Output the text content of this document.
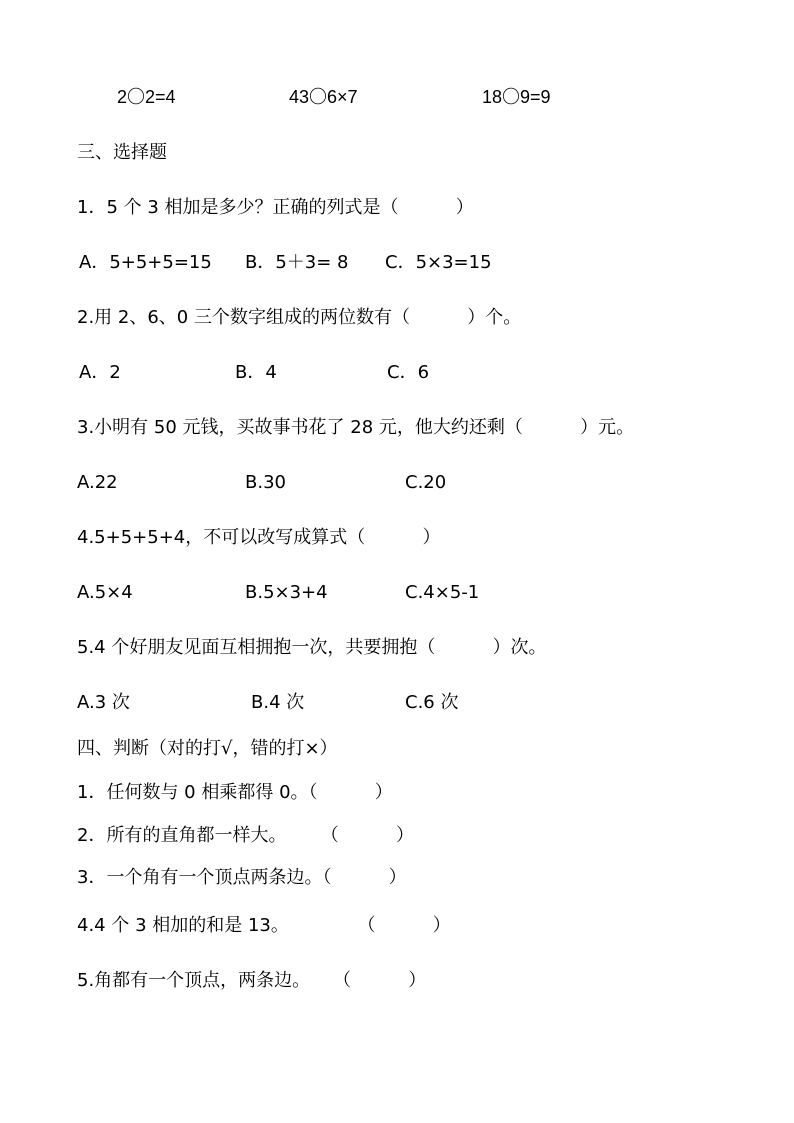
2〇2=4	43〇6×7	18〇9=9
三、选择题
1．5 个 3 相加是多少？正确的列式是（          ）
A．5+5+5=15 B．5＋3= 8 C．5×3=15
2.用 2、6、0 三个数字组成的两位数有（          ）个。
A．2	B．4	C．6
3.小明有 50 元钱，买故事书花了 28 元，他大约还剩（          ）元。
A.22	B.30	C.20
4.5+5+5+4，不可以改写成算式（          ）
A.5×4	B.5×3+4	C.4×5-1
5.4 个好朋友见面互相拥抱一次，共要拥抱（          ）次。
A.3 次	B.4 次	C.6 次
四、判断（对的打√，错的打×）
1．任何数与 0 相乘都得 0。（          ）
2．所有的直角都一样大。      （          ）
3．一个角有一个顶点两条边。（          ）
4.4 个 3 相加的和是 13。            （          ）
5.角都有一个顶点，两条边。    （          ）
